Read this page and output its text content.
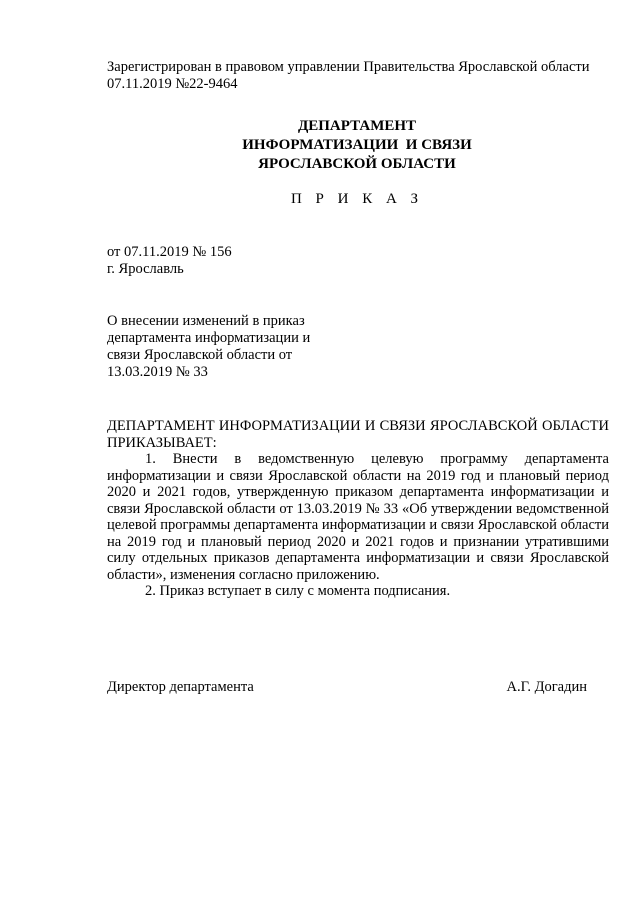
Зарегистрирован в правовом управлении Правительства Ярославской области
07.11.2019 №22-9464
ДЕПАРТАМЕНТ
ИНФОРМАТИЗАЦИИ  И СВЯЗИ
ЯРОСЛАВСКОЙ ОБЛАСТИ
П Р И К А З
от 07.11.2019 № 156
г. Ярославль
О внесении изменений в приказ
департамента информатизации и
связи Ярославской области от
13.03.2019 № 33

ДЕПАРТАМЕНТ ИНФОРМАТИЗАЦИИ И СВЯЗИ ЯРОСЛАВСКОЙ ОБЛАСТИ ПРИКАЗЫВАЕТ:

1. Внести в ведомственную целевую программу департамента информатизации и связи Ярославской области на 2019 год и плановый период 2020 и 2021 годов, утвержденную приказом департамента информатизации и связи Ярославской области от 13.03.2019 № 33 «Об утверждении ведомственной целевой программы департамента информатизации и связи Ярославской области на 2019 год и плановый период 2020 и 2021 годов и признании утратившими силу отдельных приказов департамента информатизации и связи Ярославской области», изменения согласно приложению.

2. Приказ вступает в силу с момента подписания.

Директор департамента	А.Г. Догадин
